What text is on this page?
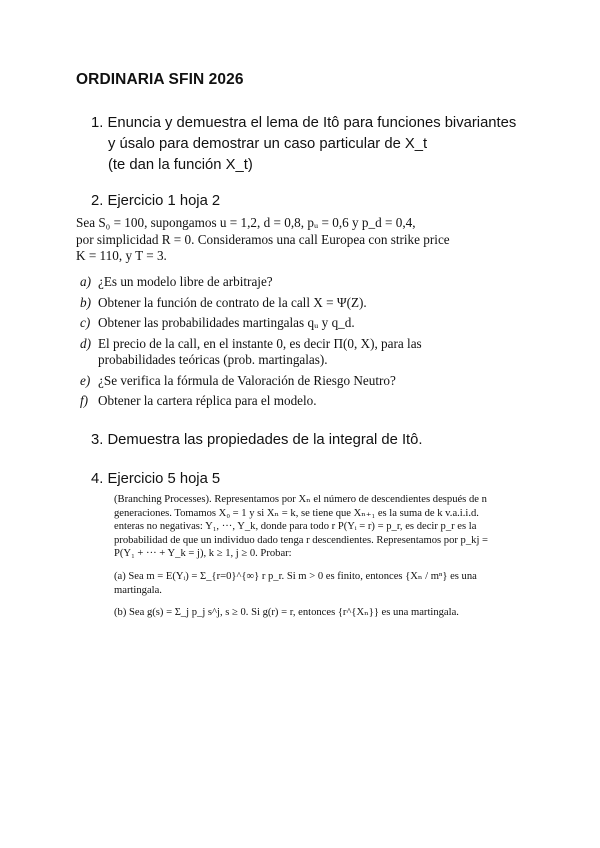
ORDINARIA SFIN 2026
1. Enuncia y demuestra el lema de Itô para funciones bivariantes
y úsalo para demostrar un caso particular de X_t
(te dan la función X_t)
2. Ejercicio 1 hoja 2

Sea S₀ = 100, supongamos u = 1,2, d = 0,8, pᵤ = 0,6 y p_d = 0,4,

por simplicidad R = 0. Consideramos una call Europea con strike price

K = 110, y T = 3.

a) ¿Es un modelo libre de arbitraje?
b) Obtener la función de contrato de la call X = Ψ(Z).
c) Obtener las probabilidades martingalas qᵤ y q_d.
d) El precio de la call, en el instante 0, es decir Π(0, X), para las probabilidades teóricas (prob. martingalas).
e) ¿Se verifica la fórmula de Valoración de Riesgo Neutro?
f) Obtener la cartera réplica para el modelo.
3. Demuestra las propiedades de la integral de Itô.
4. Ejercicio 5 hoja 5

(Branching Processes). Representamos por Xₙ el número de descendientes después de n generaciones. Tomamos X₀ = 1 y si Xₙ = k, se tiene que Xₙ₊₁ es la suma de k v.a.i.i.d. enteras no negativas: Y₁, ···, Y_k, donde para todo r P(Yᵢ = r) = p_r, es decir p_r es la probabilidad de que un individuo dado tenga r descendientes. Representamos por p_kj = P(Y₁ + ··· + Y_k = j), k ≥ 1, j ≥ 0. Probar:

(a) Sea m = E(Yᵢ) = Σ_{r=0}^{∞} r p_r. Si m > 0 es finito, entonces {Xₙ / mⁿ} es una martingala.

(b) Sea g(s) = Σ_j p_j s^j, s ≥ 0. Si g(r) = r, entonces {r^{Xₙ}} es una martingala.
